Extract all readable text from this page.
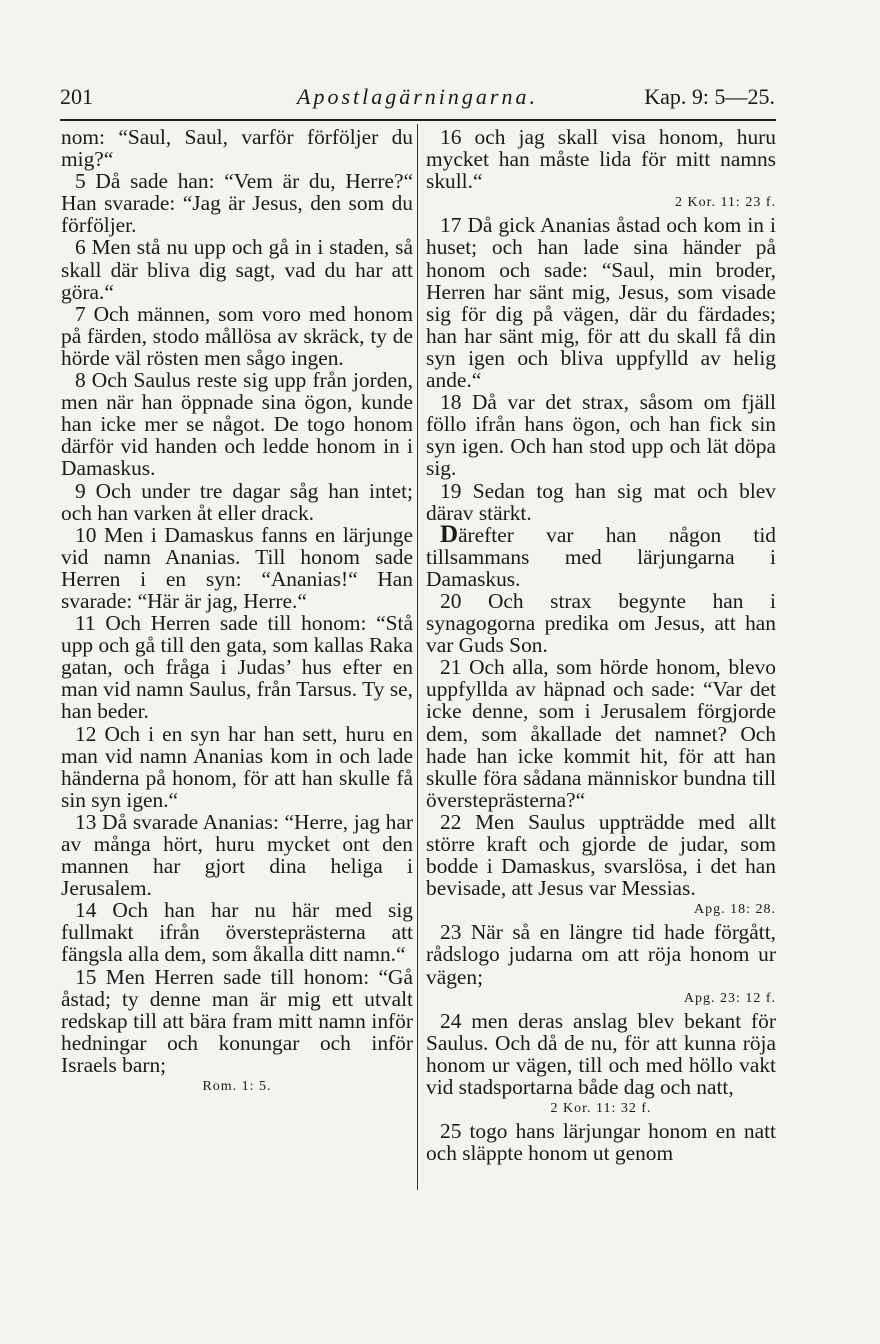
201	Apostlagärningarna.	Kap. 9: 5—25.

nom: “Saul, Saul, varför förföljer du mig?“

5 Då sade han: “Vem är du, Herre?“ Han svarade: “Jag är Jesus, den som du förföljer.

6 Men stå nu upp och gå in i staden, så skall där bliva dig sagt, vad du har att göra.“

7 Och männen, som voro med honom på färden, stodo mållösa av skräck, ty de hörde väl rösten men sågo ingen.

8 Och Saulus reste sig upp från jorden, men när han öppnade sina ögon, kunde han icke mer se något. De togo honom därför vid handen och ledde honom in i Damaskus.

9 Och under tre dagar såg han intet; och han varken åt eller drack.

10 Men i Damaskus fanns en lärjunge vid namn Ananias. Till honom sade Herren i en syn: “Ananias!“ Han svarade: “Här är jag, Herre.“

11 Och Herren sade till honom: “Stå upp och gå till den gata, som kallas Raka gatan, och fråga i Judas’ hus efter en man vid namn Saulus, från Tarsus. Ty se, han beder.

12 Och i en syn har han sett, huru en man vid namn Ananias kom in och lade händerna på honom, för att han skulle få sin syn igen.“

13 Då svarade Ananias: “Herre, jag har av många hört, huru mycket ont den mannen har gjort dina heliga i Jerusalem.

14 Och han har nu här med sig fullmakt ifrån översteprästerna att fängsla alla dem, som åkalla ditt namn.“

15 Men Herren sade till honom: “Gå åstad; ty denne man är mig ett utvalt redskap till att bära fram mitt namn inför hedningar och konungar och inför Israels barn;

Rom. 1: 5.

16 och jag skall visa honom, huru mycket han måste lida för mitt namns skull.“

2 Kor. 11: 23 f.

17 Då gick Ananias åstad och kom in i huset; och han lade sina händer på honom och sade: “Saul, min broder, Herren har sänt mig, Jesus, som visade sig för dig på vägen, där du färdades; han har sänt mig, för att du skall få din syn igen och bliva uppfylld av helig ande.“

18 Då var det strax, såsom om fjäll föllo ifrån hans ögon, och han fick sin syn igen. Och han stod upp och lät döpa sig.

19 Sedan tog han sig mat och blev därav stärkt.

Därefter var han någon tid tillsammans med lärjungarna i Damaskus.

20 Och strax begynte han i synagogorna predika om Jesus, att han var Guds Son.

21 Och alla, som hörde honom, blevo uppfyllda av häpnad och sade: “Var det icke denne, som i Jerusalem förgjorde dem, som åkallade det namnet? Och hade han icke kommit hit, för att han skulle föra sådana människor bundna till översteprästerna?“

22 Men Saulus uppträdde med allt större kraft och gjorde de judar, som bodde i Damaskus, svarslösa, i det han bevisade, att Jesus var Messias.

Apg. 18: 28.

23 När så en längre tid hade förgått, rådslogo judarna om att röja honom ur vägen;

Apg. 23: 12 f.

24 men deras anslag blev bekant för Saulus. Och då de nu, för att kunna röja honom ur vägen, till och med höllo vakt vid stadsportarna både dag och natt,

2 Kor. 11: 32 f.

25 togo hans lärjungar honom en natt och släppte honom ut genom
